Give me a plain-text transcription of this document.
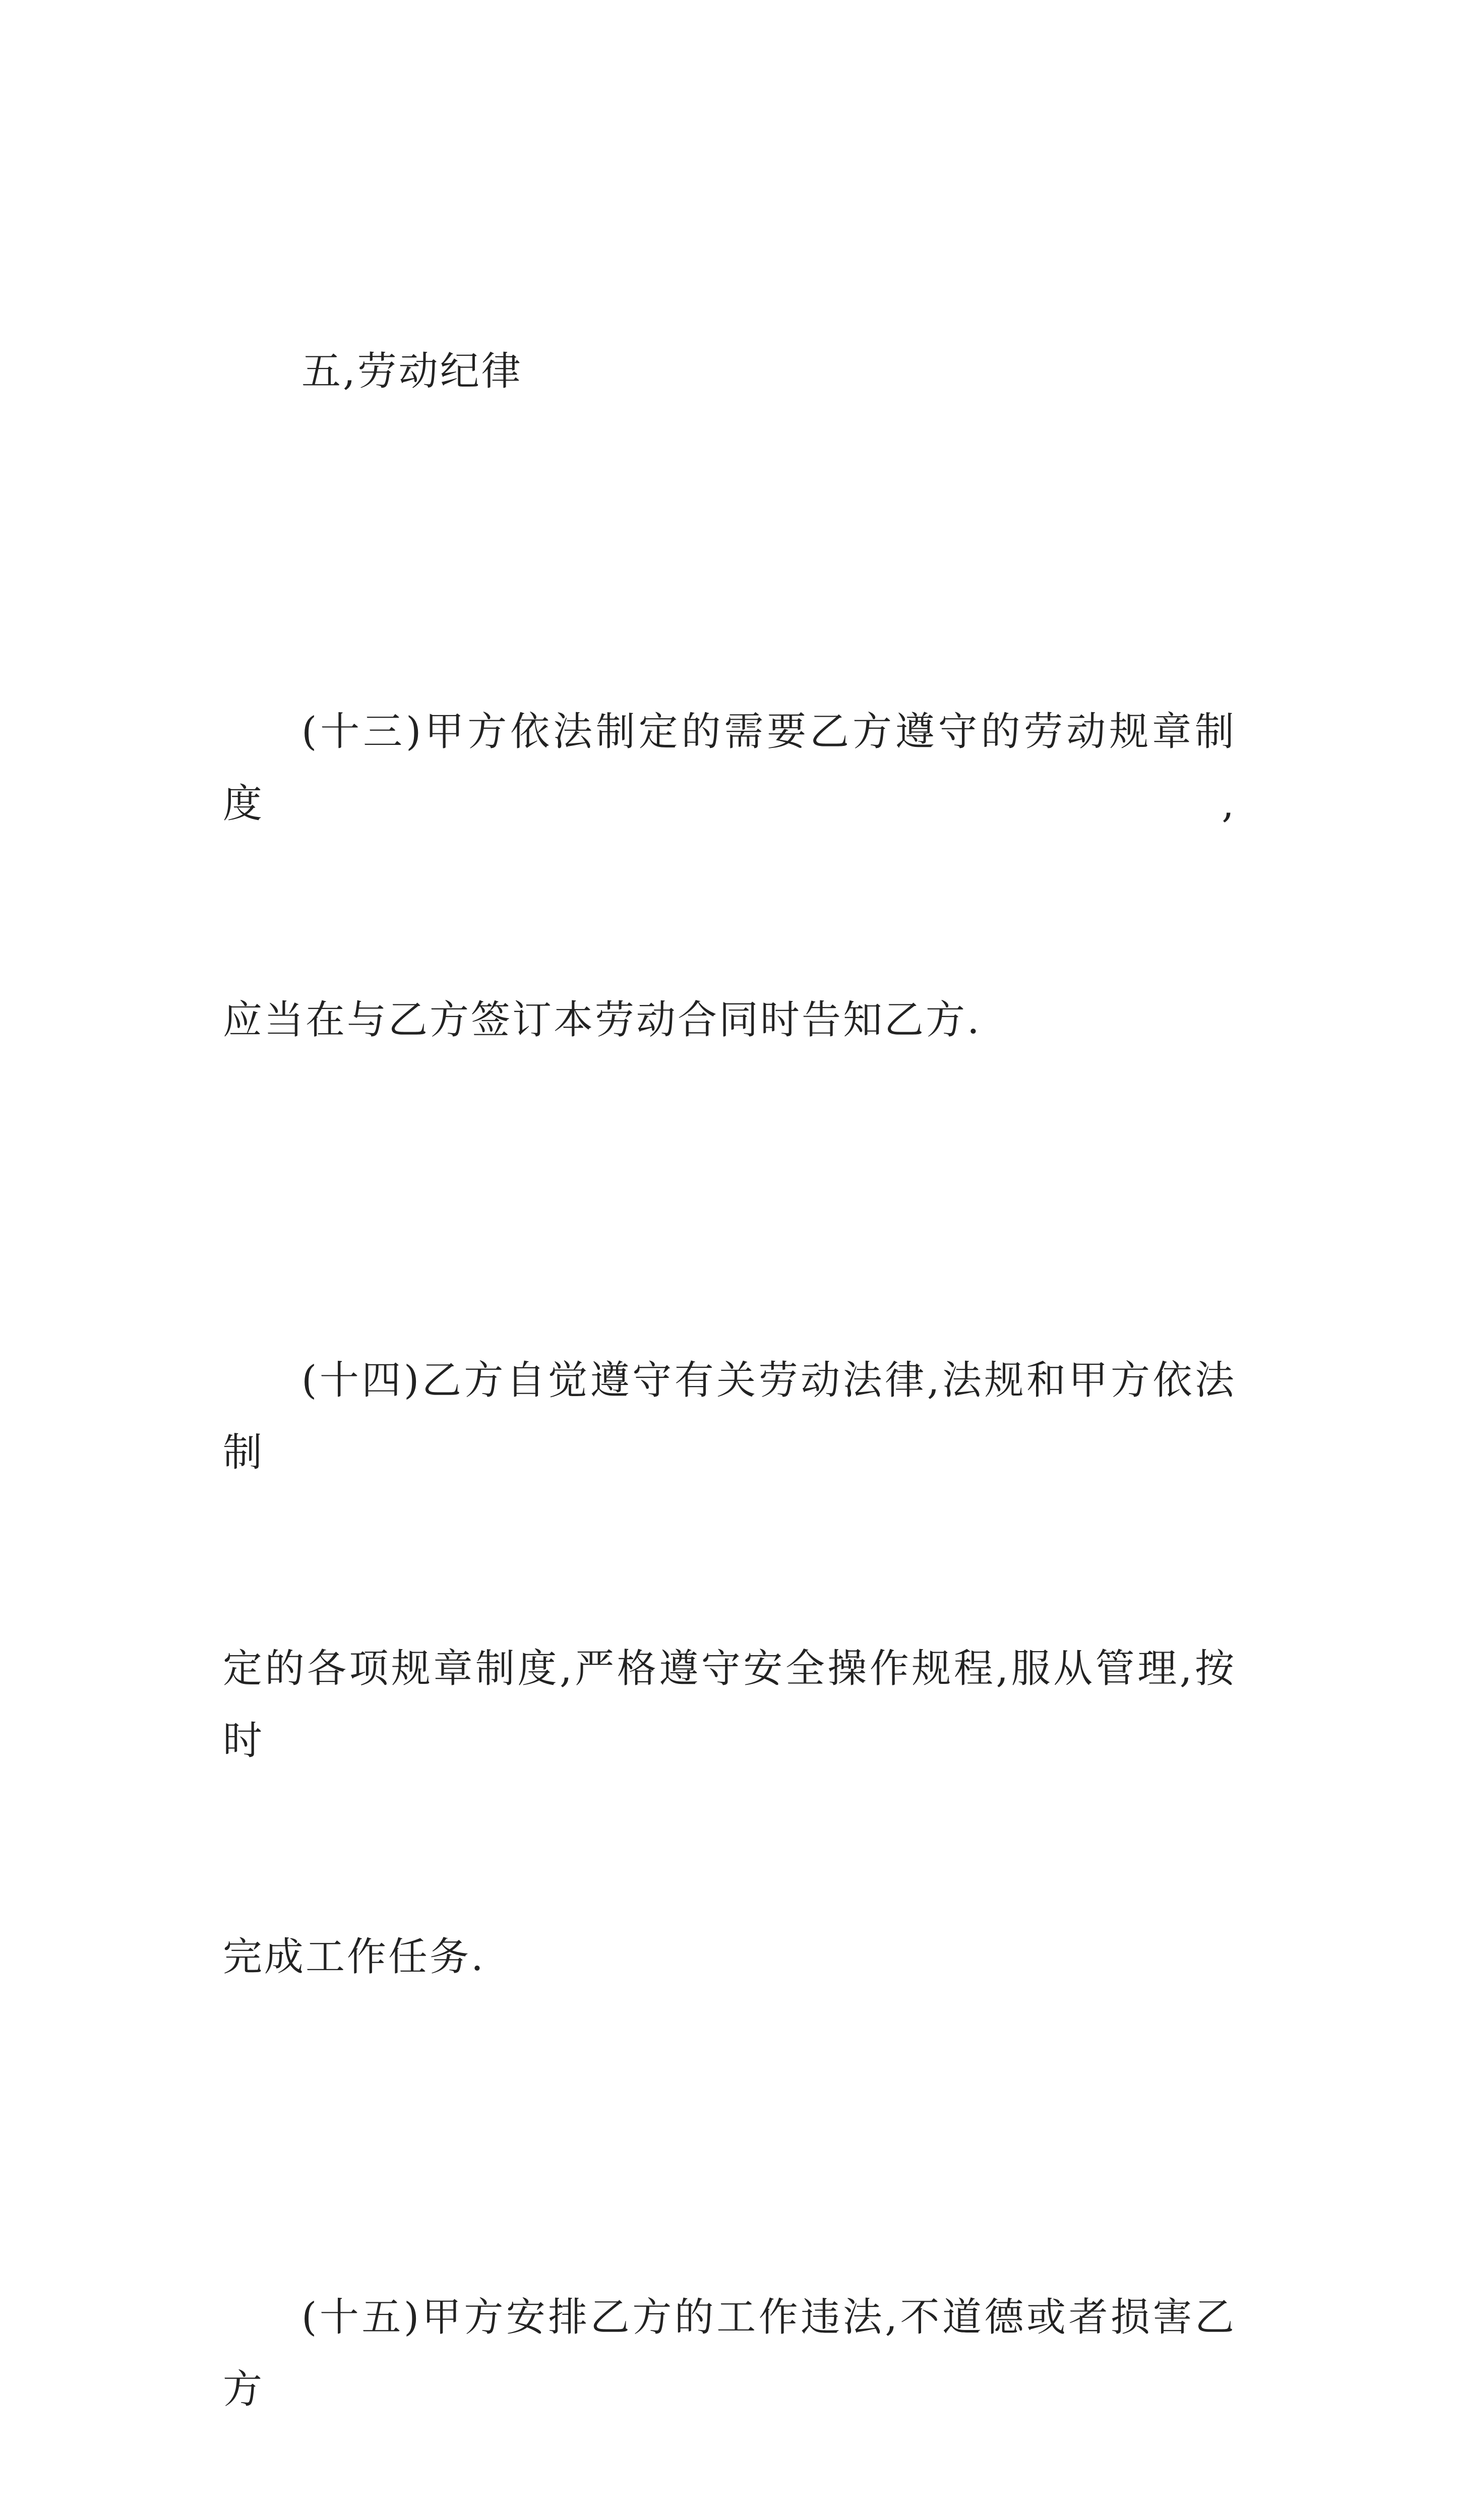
五,劳动纪律

(十三)甲方依法制定的需要乙方遵守的劳动规章制度,

应当在与乙方签订本劳动合同时告知乙方.

(十四)乙方自觉遵守有关劳动法律,法规和甲方依法制

定的各项规章制度,严格遵守安全操作规程,服从管理,按时

完成工作任务.

(十五)甲方安排乙方的工作违法,不道德或者损害乙方
